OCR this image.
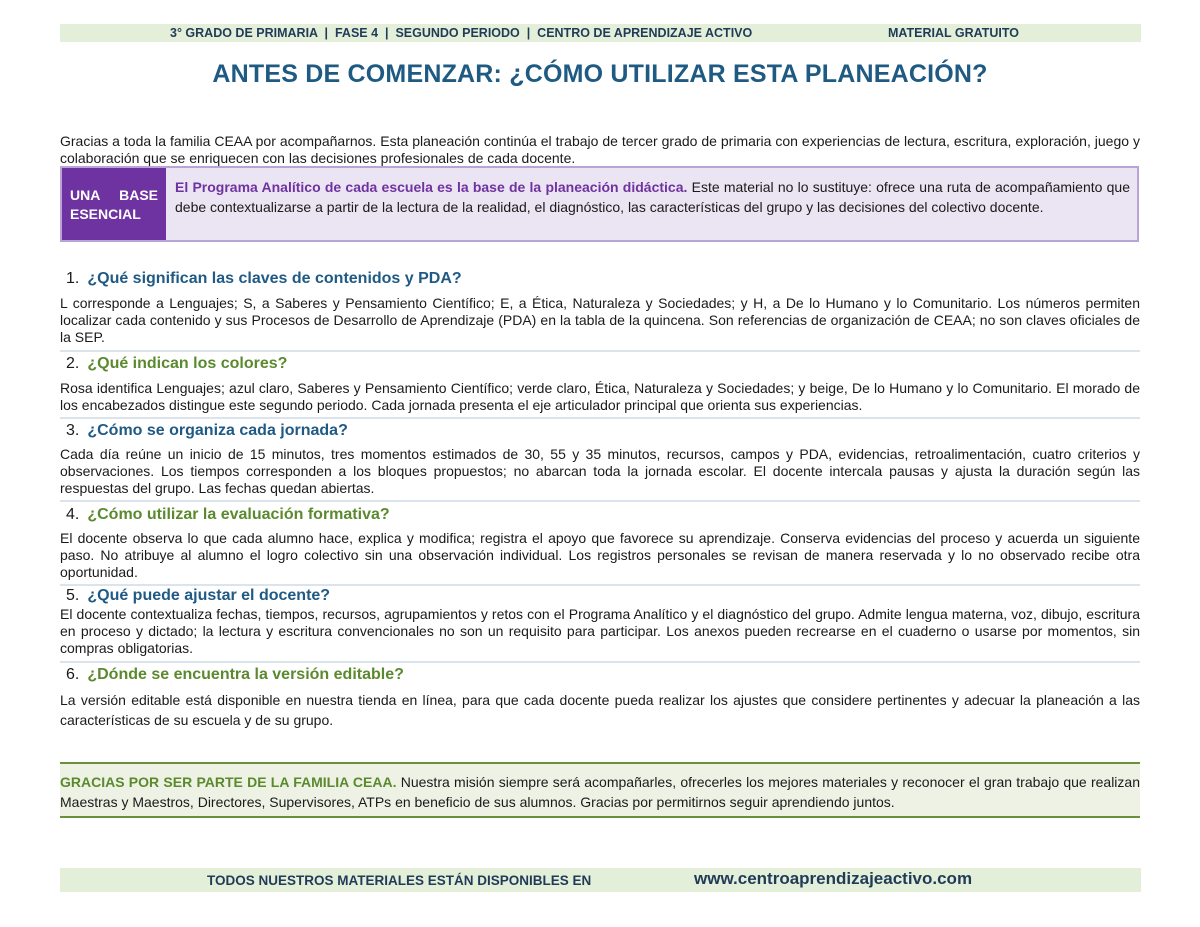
3° GRADO DE PRIMARIA  |  FASE 4  |  SEGUNDO PERIODO  |  CENTRO DE APRENDIZAJE ACTIVO	MATERIAL GRATUITO
ANTES DE COMENZAR: ¿CÓMO UTILIZAR ESTA PLANEACIÓN?
Gracias a toda la familia CEAA por acompañarnos. Esta planeación continúa el trabajo de tercer grado de primaria con experiencias de lectura, escritura, exploración, juego y colaboración que se enriquecen con las decisiones profesionales de cada docente.
UNA BASE
ESENCIAL
El Programa Analítico de cada escuela es la base de la planeación didáctica. Este material no lo sustituye: ofrece una ruta de acompañamiento que debe contextualizarse a partir de la lectura de la realidad, el diagnóstico, las características del grupo y las decisiones del colectivo docente.
1. ¿Qué significan las claves de contenidos y PDA?
L corresponde a Lenguajes; S, a Saberes y Pensamiento Científico; E, a Ética, Naturaleza y Sociedades; y H, a De lo Humano y lo Comunitario. Los números permiten localizar cada contenido y sus Procesos de Desarrollo de Aprendizaje (PDA) en la tabla de la quincena. Son referencias de organización de CEAA; no son claves oficiales de la SEP.
2. ¿Qué indican los colores?
Rosa identifica Lenguajes; azul claro, Saberes y Pensamiento Científico; verde claro, Ética, Naturaleza y Sociedades; y beige, De lo Humano y lo Comunitario. El morado de los encabezados distingue este segundo periodo. Cada jornada presenta el eje articulador principal que orienta sus experiencias.
3. ¿Cómo se organiza cada jornada?
Cada día reúne un inicio de 15 minutos, tres momentos estimados de 30, 55 y 35 minutos, recursos, campos y PDA, evidencias, retroalimentación, cuatro criterios y observaciones. Los tiempos corresponden a los bloques propuestos; no abarcan toda la jornada escolar. El docente intercala pausas y ajusta la duración según las respuestas del grupo. Las fechas quedan abiertas.
4. ¿Cómo utilizar la evaluación formativa?
El docente observa lo que cada alumno hace, explica y modifica; registra el apoyo que favorece su aprendizaje. Conserva evidencias del proceso y acuerda un siguiente paso. No atribuye al alumno el logro colectivo sin una observación individual. Los registros personales se revisan de manera reservada y lo no observado recibe otra oportunidad.
5. ¿Qué puede ajustar el docente?
El docente contextualiza fechas, tiempos, recursos, agrupamientos y retos con el Programa Analítico y el diagnóstico del grupo. Admite lengua materna, voz, dibujo, escritura en proceso y dictado; la lectura y escritura convencionales no son un requisito para participar. Los anexos pueden recrearse en el cuaderno o usarse por momentos, sin compras obligatorias.
6. ¿Dónde se encuentra la versión editable?
La versión editable está disponible en nuestra tienda en línea, para que cada docente pueda realizar los ajustes que considere pertinentes y adecuar la planeación a las características de su escuela y de su grupo.
GRACIAS POR SER PARTE DE LA FAMILIA CEAA. Nuestra misión siempre será acompañarles, ofrecerles los mejores materiales y reconocer el gran trabajo que realizan Maestras y Maestros, Directores, Supervisores, ATPs en beneficio de sus alumnos. Gracias por permitirnos seguir aprendiendo juntos.
TODOS NUESTROS MATERIALES ESTÁN DISPONIBLES EN	www.centroaprendizajeactivo.com
